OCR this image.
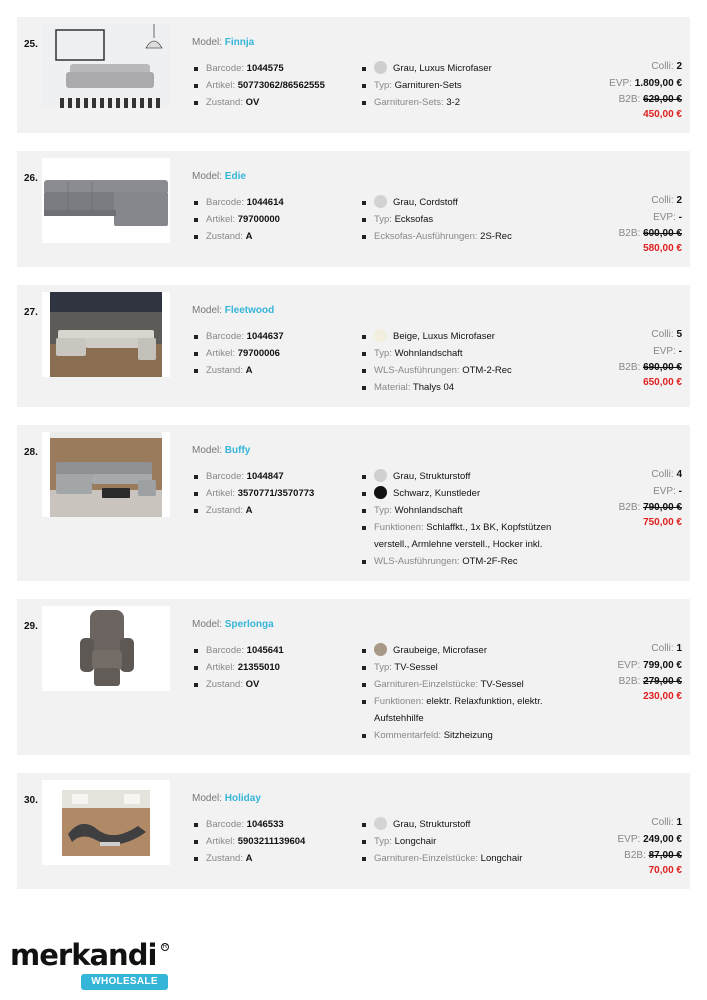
25.	Model: Finnja
Barcode: 1044575
Artikel: 50773062/86562555
Zustand: OV
Grau, Luxus Microfaser
Typ: Garnituren-Sets
Garnituren-Sets: 3-2
Colli: 2
EVP: 1.809,00 €
B2B: 629,00 €
450,00 €
26.	Model: Edie
Barcode: 1044614
Artikel: 79700000
Zustand: A
Grau, Cordstoff
Typ: Ecksofas
Ecksofas-Ausführungen: 2S-Rec
Colli: 2
EVP: -
B2B: 600,00 €
580,00 €
27.	Model: Fleetwood
Barcode: 1044637
Artikel: 79700006
Zustand: A
Beige, Luxus Microfaser
Typ: Wohnlandschaft
WLS-Ausführungen: OTM-2-Rec
Material: Thalys 04
Colli: 5
EVP: -
B2B: 690,00 €
650,00 €
28.	Model: Buffy
Barcode: 1044847
Artikel: 3570771/3570773
Zustand: A
Grau, Strukturstoff
Schwarz, Kunstleder
Typ: Wohnlandschaft
Funktionen: Schlaffkt., 1x BK, Kopfstützen verstell., Armlehne verstell., Hocker inkl.
WLS-Ausführungen: OTM-2F-Rec
Colli: 4
EVP: -
B2B: 790,00 €
750,00 €
29.	Model: Sperlonga
Barcode: 1045641
Artikel: 21355010
Zustand: OV
Graubeige, Microfaser
Typ: TV-Sessel
Garnituren-Einzelstücke: TV-Sessel
Funktionen: elektr. Relaxfunktion, elektr. Aufstehhilfe
Kommentarfeld: Sitzheizung
Colli: 1
EVP: 799,00 €
B2B: 279,00 €
230,00 €
30.	Model: Holiday
Barcode: 1046533
Artikel: 5903211139604
Zustand: A
Grau, Strukturstoff
Typ: Longchair
Garnituren-Einzelstücke: Longchair
Colli: 1
EVP: 249,00 €
B2B: 87,00 €
70,00 €
merkandi	R
WHOLESALE
